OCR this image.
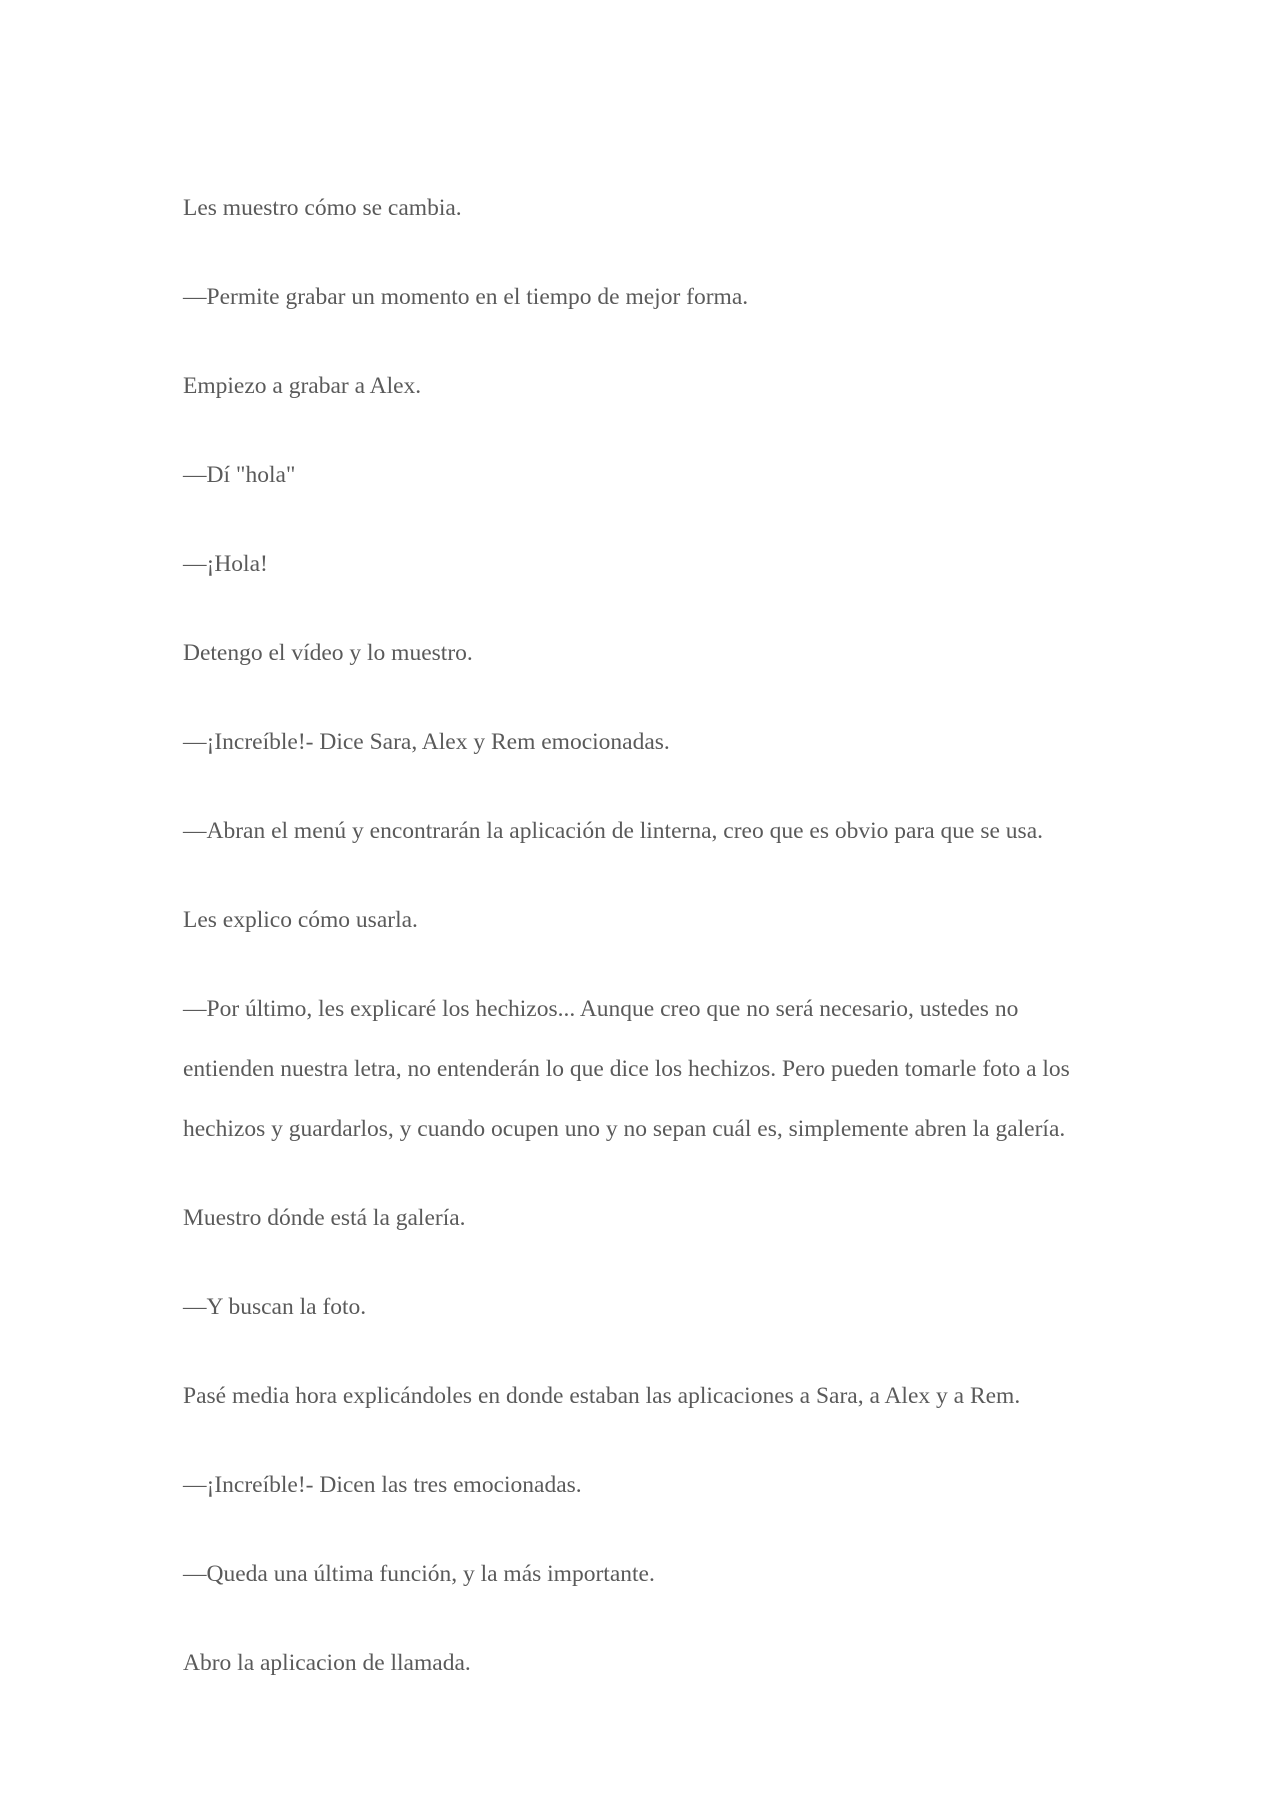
Les muestro cómo se cambia.

—Permite grabar un momento en el tiempo de mejor forma.

Empiezo a grabar a Alex.

—Dí "hola"

—¡Hola!

Detengo el vídeo y lo muestro.

—¡Increíble!- Dice Sara, Alex y Rem emocionadas.

—Abran el menú y encontrarán la aplicación de linterna, creo que es obvio para que se usa.

Les explico cómo usarla.

—Por último, les explicaré los hechizos... Aunque creo que no será necesario, ustedes no entienden nuestra letra, no entenderán lo que dice los hechizos. Pero pueden tomarle foto a los hechizos y guardarlos, y cuando ocupen uno y no sepan cuál es, simplemente abren la galería.

Muestro dónde está la galería.

—Y buscan la foto.

Pasé media hora explicándoles en donde estaban las aplicaciones a Sara, a Alex y a Rem.

—¡Increíble!- Dicen las tres emocionadas.

—Queda una última función, y la más importante.

Abro la aplicacion de llamada.
